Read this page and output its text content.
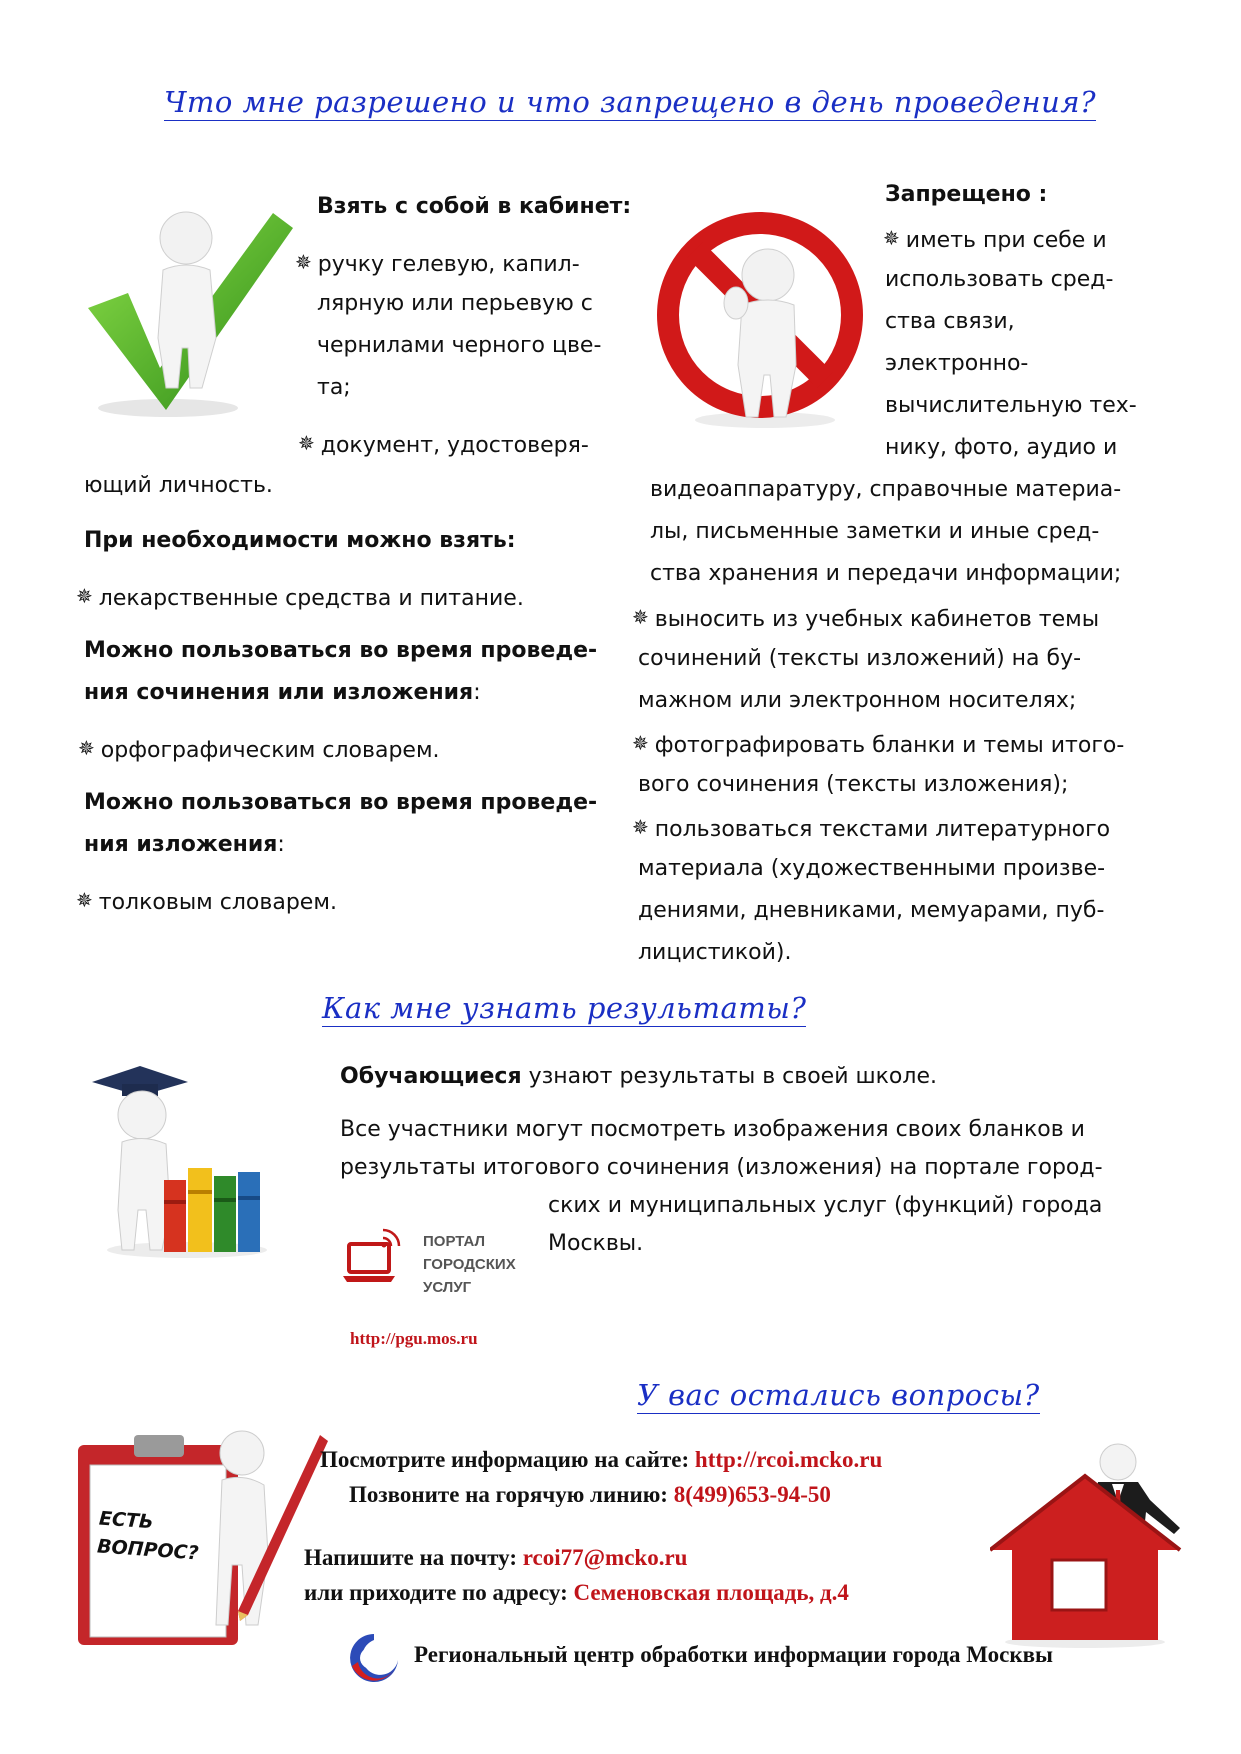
Что мне разрешено и что запрещено в день проведения?
Взять с собой в кабинет:
✵ ручку гелевую, капил-
лярную или перьевую с
чернилами черного цве-
та;
✵ документ, удостоверя-
ющий личность.
При необходимости можно взять:
✵ лекарственные средства и питание.
Можно пользоваться во время проведе-
ния сочинения или изложения:
✵ орфографическим словарем.
Можно пользоваться во время проведе-
ния изложения:
✵ толковым словарем.
Запрещено :
✵ иметь при себе и
использовать сред-
ства связи,
электронно-
вычислительную тех-
нику, фото, аудио и
видеоаппаратуру, справочные материа-
лы, письменные заметки и иные сред-
ства хранения и передачи информации;
✵ выносить из учебных кабинетов темы
сочинений (тексты изложений) на бу-
мажном или электронном носителях;
✵ фотографировать бланки и темы итого-
вого сочинения (тексты изложения);
✵ пользоваться текстами литературного
материала (художественными произве-
дениями, дневниками, мемуарами, пуб-
лицистикой).
Как мне узнать результаты?
Обучающиеся узнают результаты в своей школе.
Все участники могут посмотреть изображения своих бланков и
результаты итогового сочинения (изложения) на портале город-
ских и муниципальных услуг (функций) города
Москвы.
ПОРТАЛ
ГОРОДСКИХ
УСЛУГ
http://pgu.mos.ru
У вас остались вопросы?
ЕСТЬ
ВОПРОС?
Посмотрите информацию на сайте: http://rcoi.mcko.ru
Позвоните на горячую линию: 8(499)653-94-50
Напишите на почту: rcoi77@mcko.ru
или приходите по адресу: Семеновская площадь, д.4
Региональный центр обработки информации города Москвы
